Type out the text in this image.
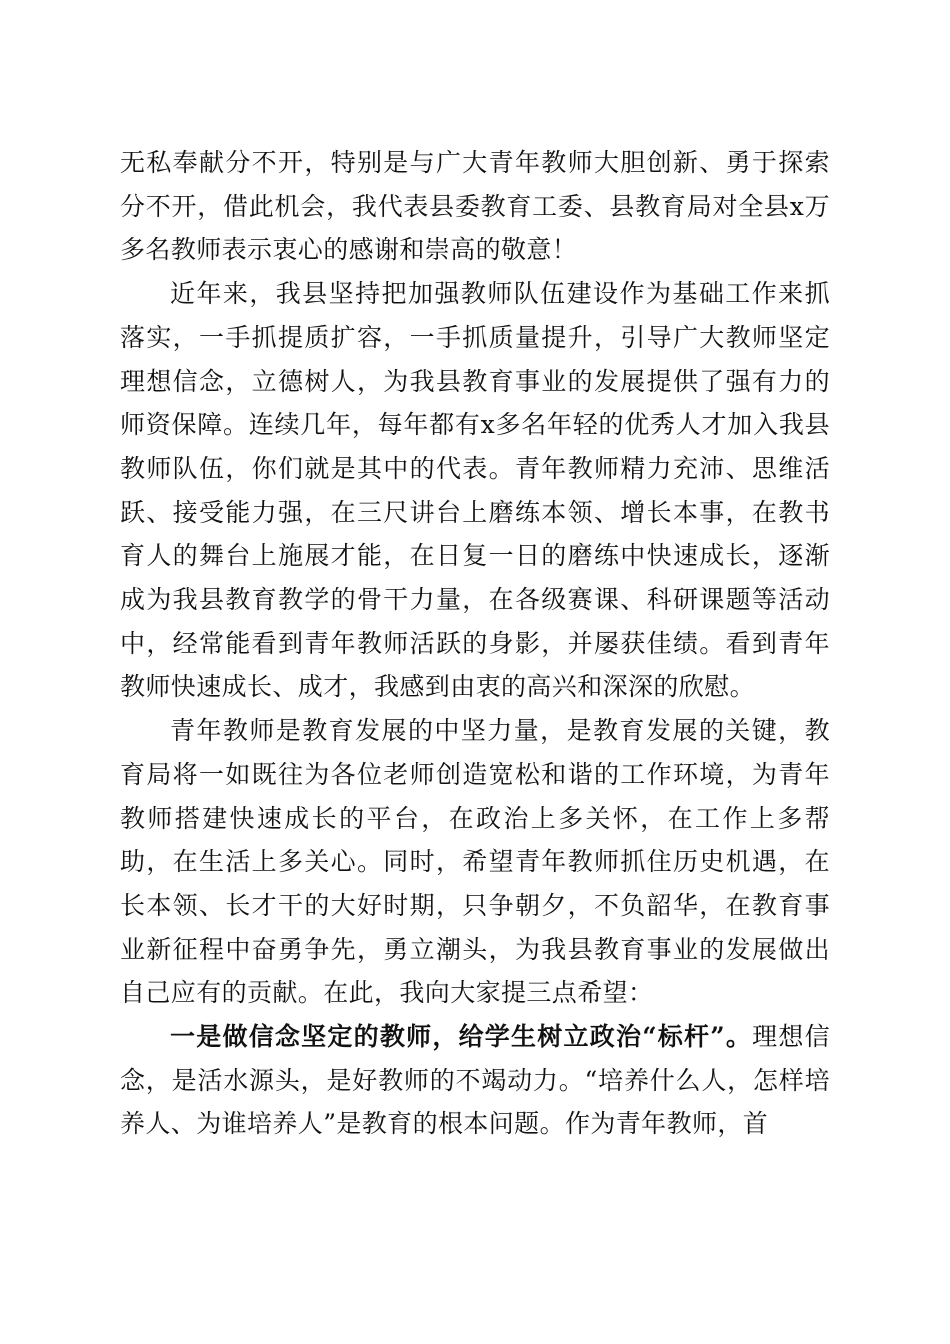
无私奉献分不开，特别是与广大青年教师大胆创新、勇于探索分不开，借此机会，我代表县委教育工委、县教育局对全县x万多名教师表示衷心的感谢和崇高的敬意！

近年来，我县坚持把加强教师队伍建设作为基础工作来抓落实，一手抓提质扩容，一手抓质量提升，引导广大教师坚定理想信念，立德树人，为我县教育事业的发展提供了强有力的师资保障。连续几年，每年都有x多名年轻的优秀人才加入我县教师队伍，你们就是其中的代表。青年教师精力充沛、思维活跃、接受能力强，在三尺讲台上磨练本领、增长本事，在教书育人的舞台上施展才能，在日复一日的磨练中快速成长，逐渐成为我县教育教学的骨干力量，在各级赛课、科研课题等活动中，经常能看到青年教师活跃的身影，并屡获佳绩。看到青年教师快速成长、成才，我感到由衷的高兴和深深的欣慰。

青年教师是教育发展的中坚力量，是教育发展的关键，教育局将一如既往为各位老师创造宽松和谐的工作环境，为青年教师搭建快速成长的平台，在政治上多关怀，在工作上多帮助，在生活上多关心。同时，希望青年教师抓住历史机遇，在长本领、长才干的大好时期，只争朝夕，不负韶华，在教育事业新征程中奋勇争先，勇立潮头，为我县教育事业的发展做出自己应有的贡献。在此，我向大家提三点希望：

一是做信念坚定的教师，给学生树立政治“标杆”。理想信念，是活水源头，是好教师的不竭动力。“培养什么人，怎样培养人、为谁培养人”是教育的根本问题。作为青年教师，首
